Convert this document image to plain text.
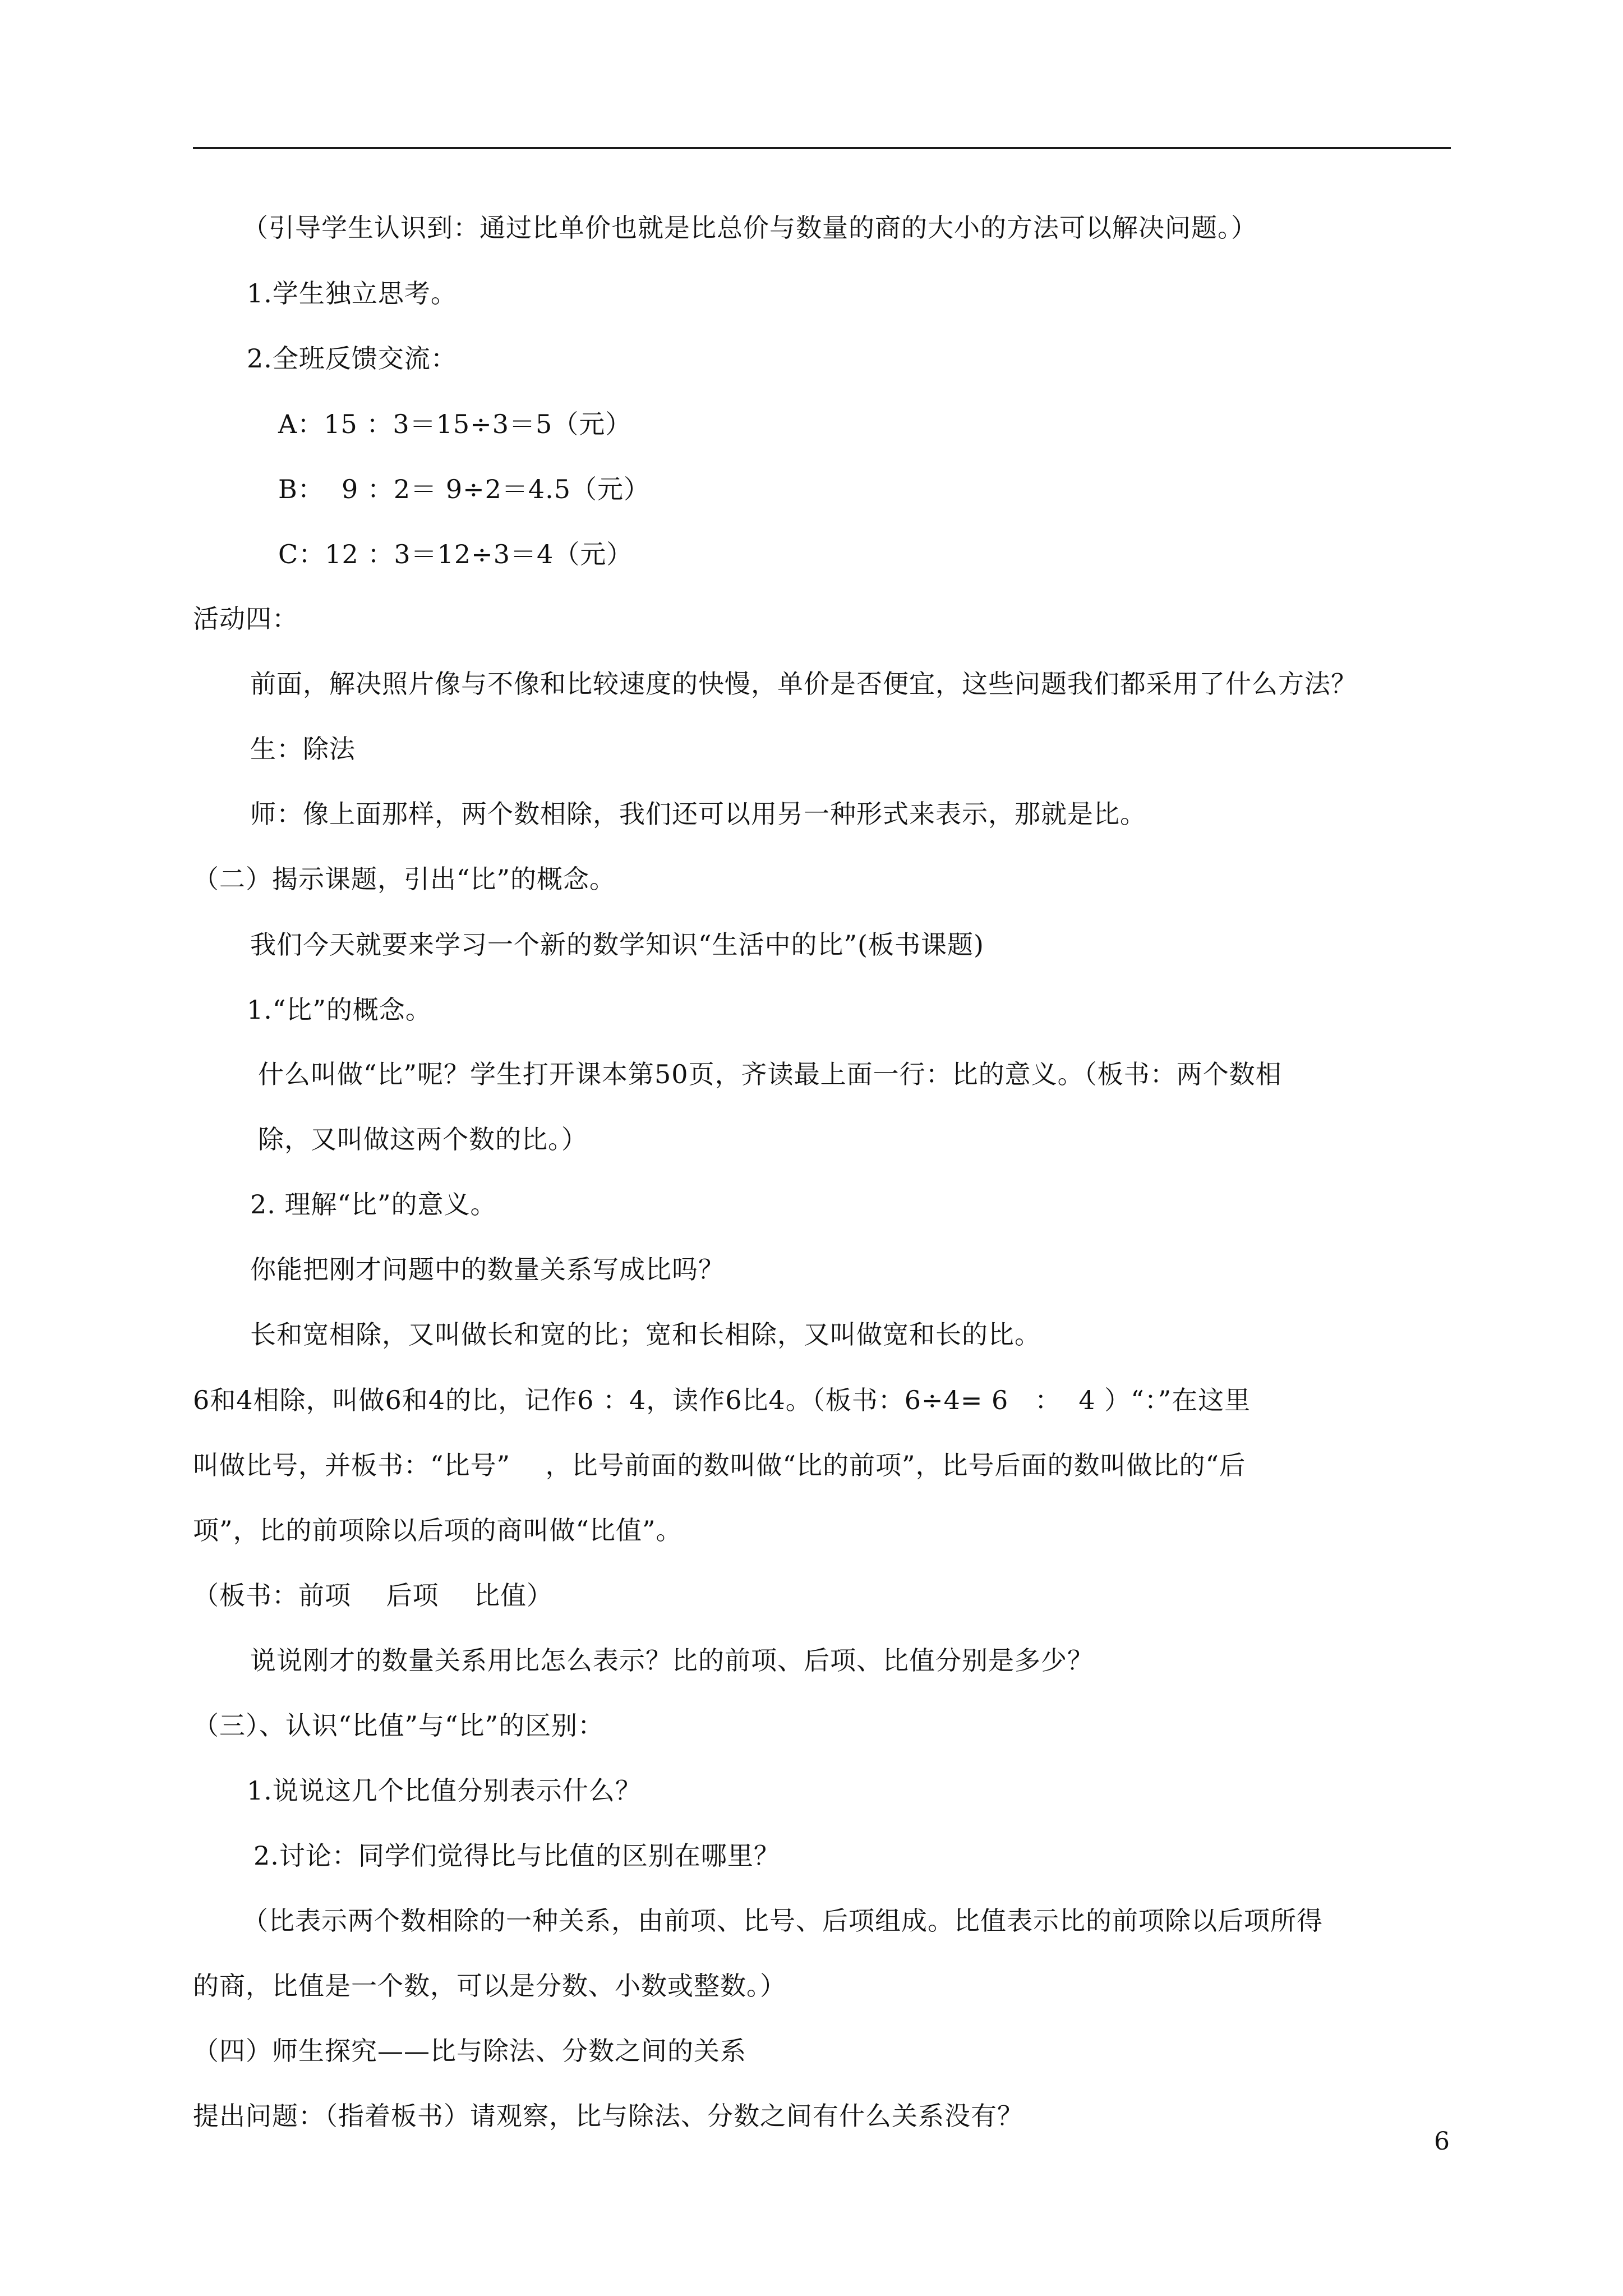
（引导学生认识到：通过比单价也就是比总价与数量的商的大小的方法可以解决问题。）
1.学生独立思考。
2.全班反馈交流：
A：15 ：3＝15÷3＝5（元）
B：  9 ：2＝ 9÷2＝4.5（元）
C：12 ：3＝12÷3＝4（元）
活动四：
前面，解决照片像与不像和比较速度的快慢，单价是否便宜，这些问题我们都采用了什么方法？
生：除法
师：像上面那样，两个数相除，我们还可以用另一种形式来表示，那就是比。
（二）揭示课题，引出“比”的概念。
我们今天就要来学习一个新的数学知识“生活中的比”(板书课题)
1.“比”的概念。
什么叫做“比”呢？学生打开课本第50页，齐读最上面一行：比的意义。（板书：两个数相
除，又叫做这两个数的比。）
2. 理解“比”的意义。
你能把刚才问题中的数量关系写成比吗？
长和宽相除，又叫做长和宽的比；宽和长相除，又叫做宽和长的比。
6和4相除，叫做6和4的比，记作6 ：4，读作6比4。（板书：6÷4= 6   ：  4 ）“：”在这里
叫做比号，并板书：“比号”    ，比号前面的数叫做“比的前项”，比号后面的数叫做比的“后
项”，比的前项除以后项的商叫做“比值”。
（板书：前项    后项    比值）
说说刚才的数量关系用比怎么表示？比的前项、后项、比值分别是多少？
（三）、认识“比值”与“比”的区别：
1.说说这几个比值分别表示什么？
2.讨论：同学们觉得比与比值的区别在哪里？
（比表示两个数相除的一种关系，由前项、比号、后项组成。比值表示比的前项除以后项所得
的商，比值是一个数，可以是分数、小数或整数。）
（四）师生探究——比与除法、分数之间的关系
提出问题：（指着板书）请观察，比与除法、分数之间有什么关系没有？
6
